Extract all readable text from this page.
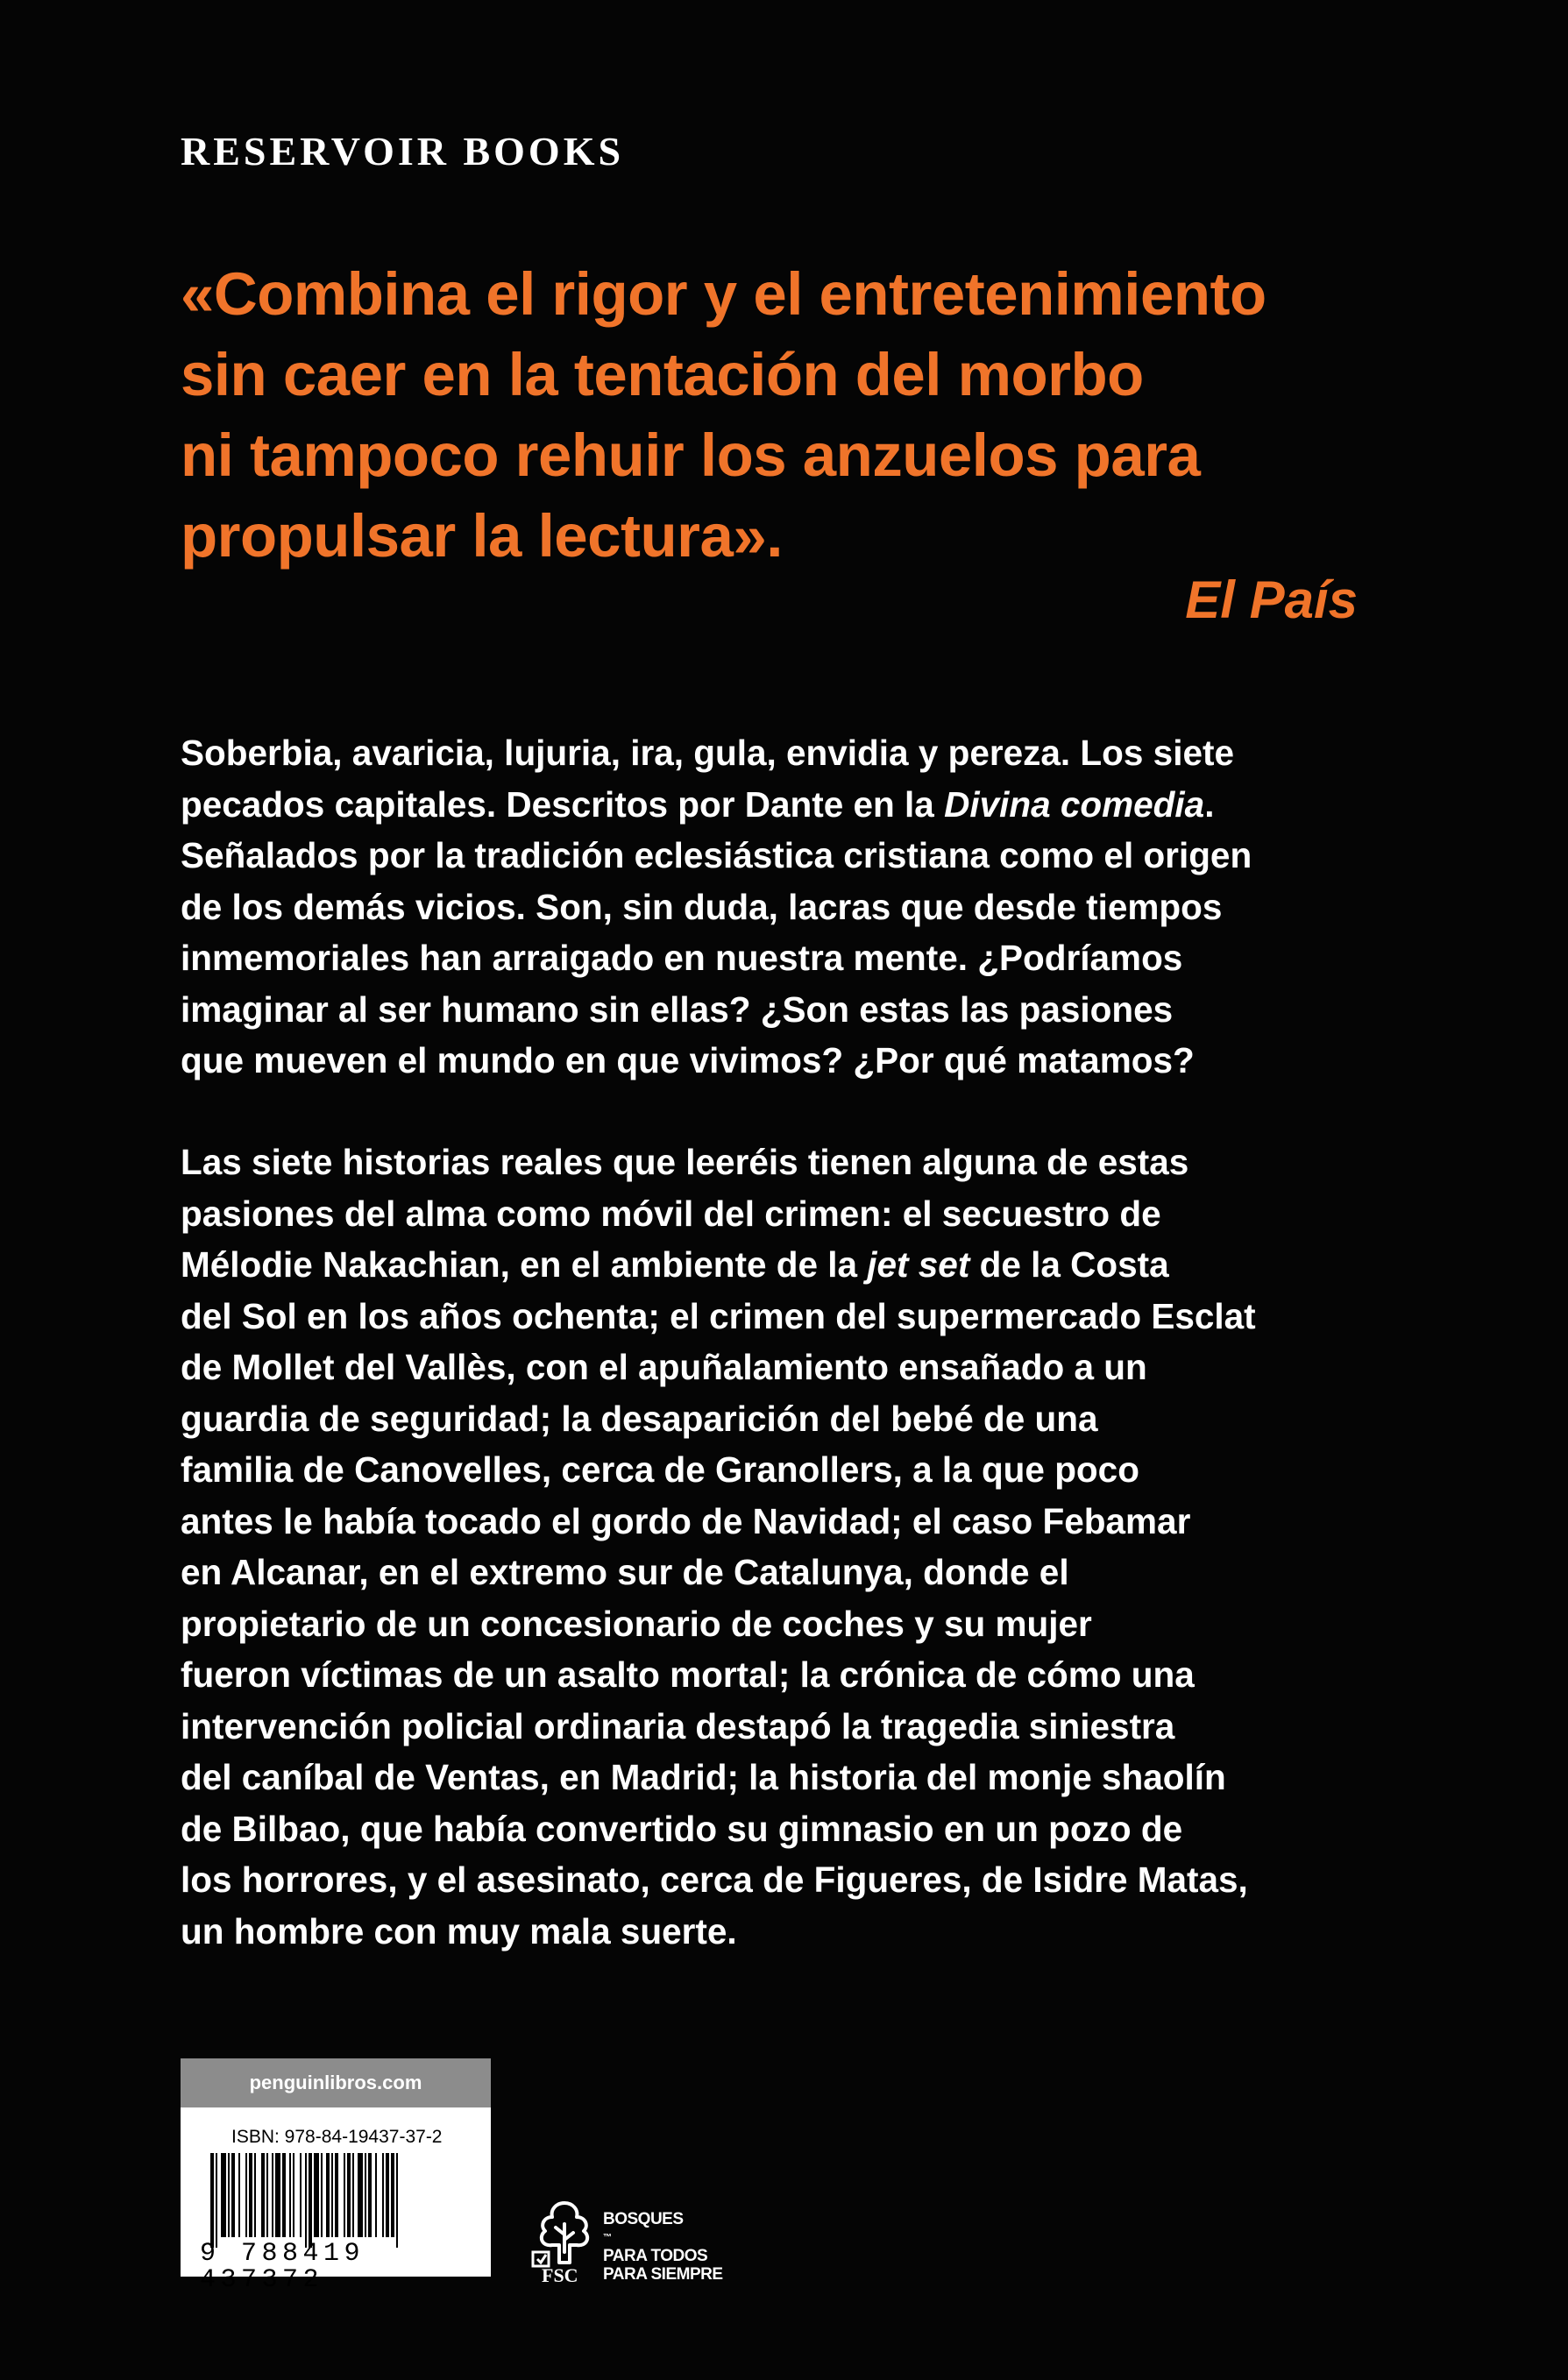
RESERVOIR BOOKS
«Combina el rigor y el entretenimiento
sin caer en la tentación del morbo
ni tampoco rehuir los anzuelos para
propulsar la lectura».
El País
Soberbia, avaricia, lujuria, ira, gula, envidia y pereza. Los siete
pecados capitales. Descritos por Dante en la Divina comedia.
Señalados por la tradición eclesiástica cristiana como el origen
de los demás vicios. Son, sin duda, lacras que desde tiempos
inmemoriales han arraigado en nuestra mente. ¿Podríamos
imaginar al ser humano sin ellas? ¿Son estas las pasiones
que mueven el mundo en que vivimos? ¿Por qué matamos?
Las siete historias reales que leeréis tienen alguna de estas
pasiones del alma como móvil del crimen: el secuestro de
Mélodie Nakachian, en el ambiente de la jet set de la Costa
del Sol en los años ochenta; el crimen del supermercado Esclat
de Mollet del Vallès, con el apuñalamiento ensañado a un
guardia de seguridad; la desaparición del bebé de una
familia de Canovelles, cerca de Granollers, a la que poco
antes le había tocado el gordo de Navidad; el caso Febamar
en Alcanar, en el extremo sur de Catalunya, donde el
propietario de un concesionario de coches y su mujer
fueron víctimas de un asalto mortal; la crónica de cómo una
intervención policial ordinaria destapó la tragedia siniestra
del caníbal de Ventas, en Madrid; la historia del monje shaolín
de Bilbao, que había convertido su gimnasio en un pozo de
los horrores, y el asesinato, cerca de Figueres, de Isidre Matas,
un hombre con muy mala suerte.
penguinlibros.com
ISBN: 978-84-19437-37-2
9 788419 437372	FSC
BOSQUES
™
PARA TODOS
PARA SIEMPRE
